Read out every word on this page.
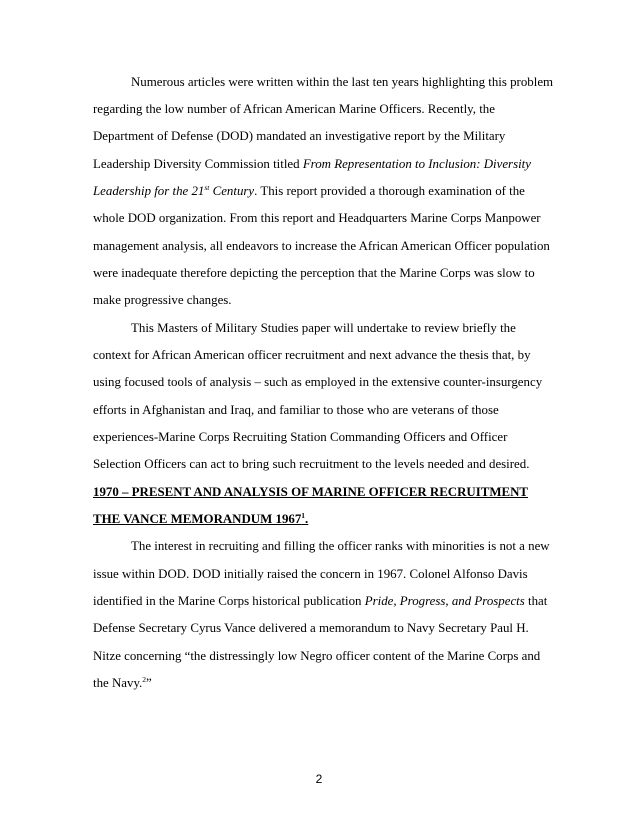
Numerous articles were written within the last ten years highlighting this problem
regarding the low number of African American Marine Officers. Recently, the
Department of Defense (DOD) mandated an investigative report by the Military
Leadership Diversity Commission titled From Representation to Inclusion: Diversity
Leadership for the 21st Century. This report provided a thorough examination of the
whole DOD organization. From this report and Headquarters Marine Corps Manpower
management analysis, all endeavors to increase the African American Officer population
were inadequate therefore depicting the perception that the Marine Corps was slow to
make progressive changes.
This Masters of Military Studies paper will undertake to review briefly the
context for African American officer recruitment and next advance the thesis that, by
using focused tools of analysis – such as employed in the extensive counter-insurgency
efforts in Afghanistan and Iraq, and familiar to those who are veterans of those
experiences-Marine Corps Recruiting Station Commanding Officers and Officer
Selection Officers can act to bring such recruitment to the levels needed and desired.
1970 – PRESENT AND ANALYSIS OF MARINE OFFICER RECRUITMENT
THE VANCE MEMORANDUM 1967$^1$.
The interest in recruiting and filling the officer ranks with minorities is not a new
issue within DOD. DOD initially raised the concern in 1967. Colonel Alfonso Davis
identified in the Marine Corps historical publication Pride, Progress, and Prospects that
Defense Secretary Cyrus Vance delivered a memorandum to Navy Secretary Paul H.
Nitze concerning “the distressingly low Negro officer content of the Marine Corps and
the Navy.$^2$”
2
